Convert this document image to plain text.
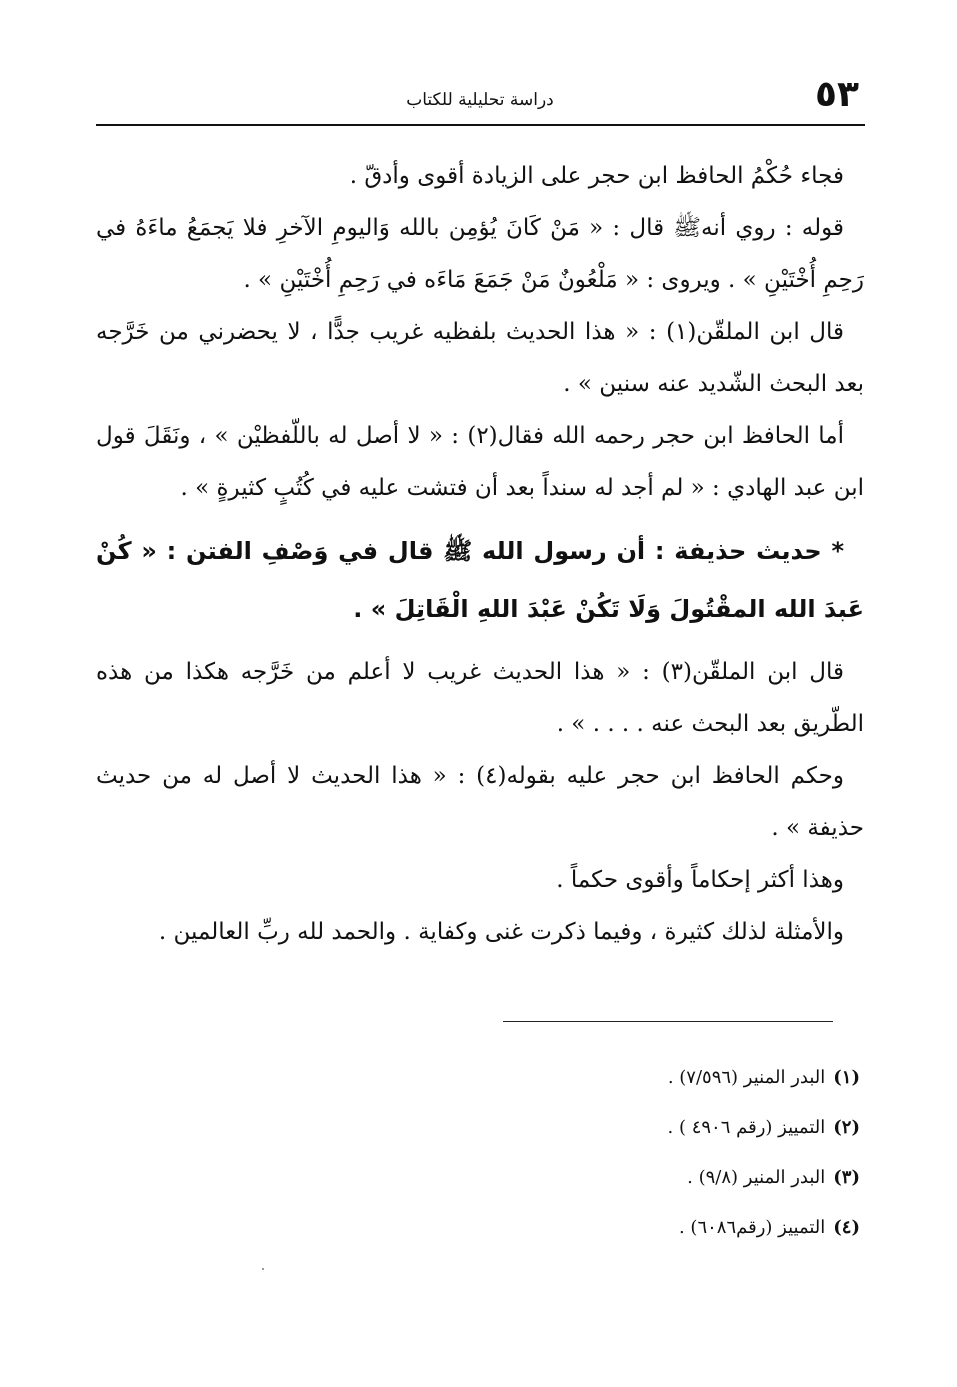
دراسة تحليلية للكتاب	٥٣

فجاء حُكْمُ الحافظ ابن حجر على الزيادة أقوى وأدقّ .

قوله : روي أنهﷺ قال : « مَنْ كَانَ يُؤمِن بالله وَاليومِ الآخرِ فلا يَجمَعُ ماءَهُ في رَحِمِ أُخْتَيْنِ » . ويروى : « مَلْعُونٌ مَنْ جَمَعَ مَاءَه في رَحِمِ أُخْتَيْنِ » .

قال ابن الملقّن(١) : « هذا الحديث بلفظيه غريب جدًّا ، لا يحضرني من خَرَّجه بعد البحث الشّديد عنه سنين » .

أما الحافظ ابن حجر رحمه الله فقال(٢) : « لا أصل له باللّفظيْن » ، ونَقَلَ قول ابن عبد الهادي : « لم أجد له سنداً بعد أن فتشت عليه في كُتُبٍ كثيرةٍ » .

* حديث حذيفة : أن رسول الله ﷺ قال في وَصْفِ الفتن : « كُنْ عَبدَ الله المقْتُولَ وَلَا تَكُنْ عَبْدَ اللهِ الْقَاتِلَ » .

قال ابن الملقّن(٣) : « هذا الحديث غريب لا أعلم من خَرَّجه هكذا من هذه الطّريق بعد البحث عنه . . . . » .

وحكم الحافظ ابن حجر عليه بقوله(٤) : « هذا الحديث لا أصل له من حديث حذيفة » .

وهذا أكثر إحكاماً وأقوى حكماً .

والأمثلة لذلك كثيرة ، وفيما ذكرت غنى وكفاية . والحمد لله ربِّ العالمين .

(١)البدر المنير (٧/٥٩٦) .

(٢)التمييز (رقم ٤٩٠٦ ) .

(٣)البدر المنير (٩/٨) .

(٤)التمييز (رقم٦٠٨٦) .
